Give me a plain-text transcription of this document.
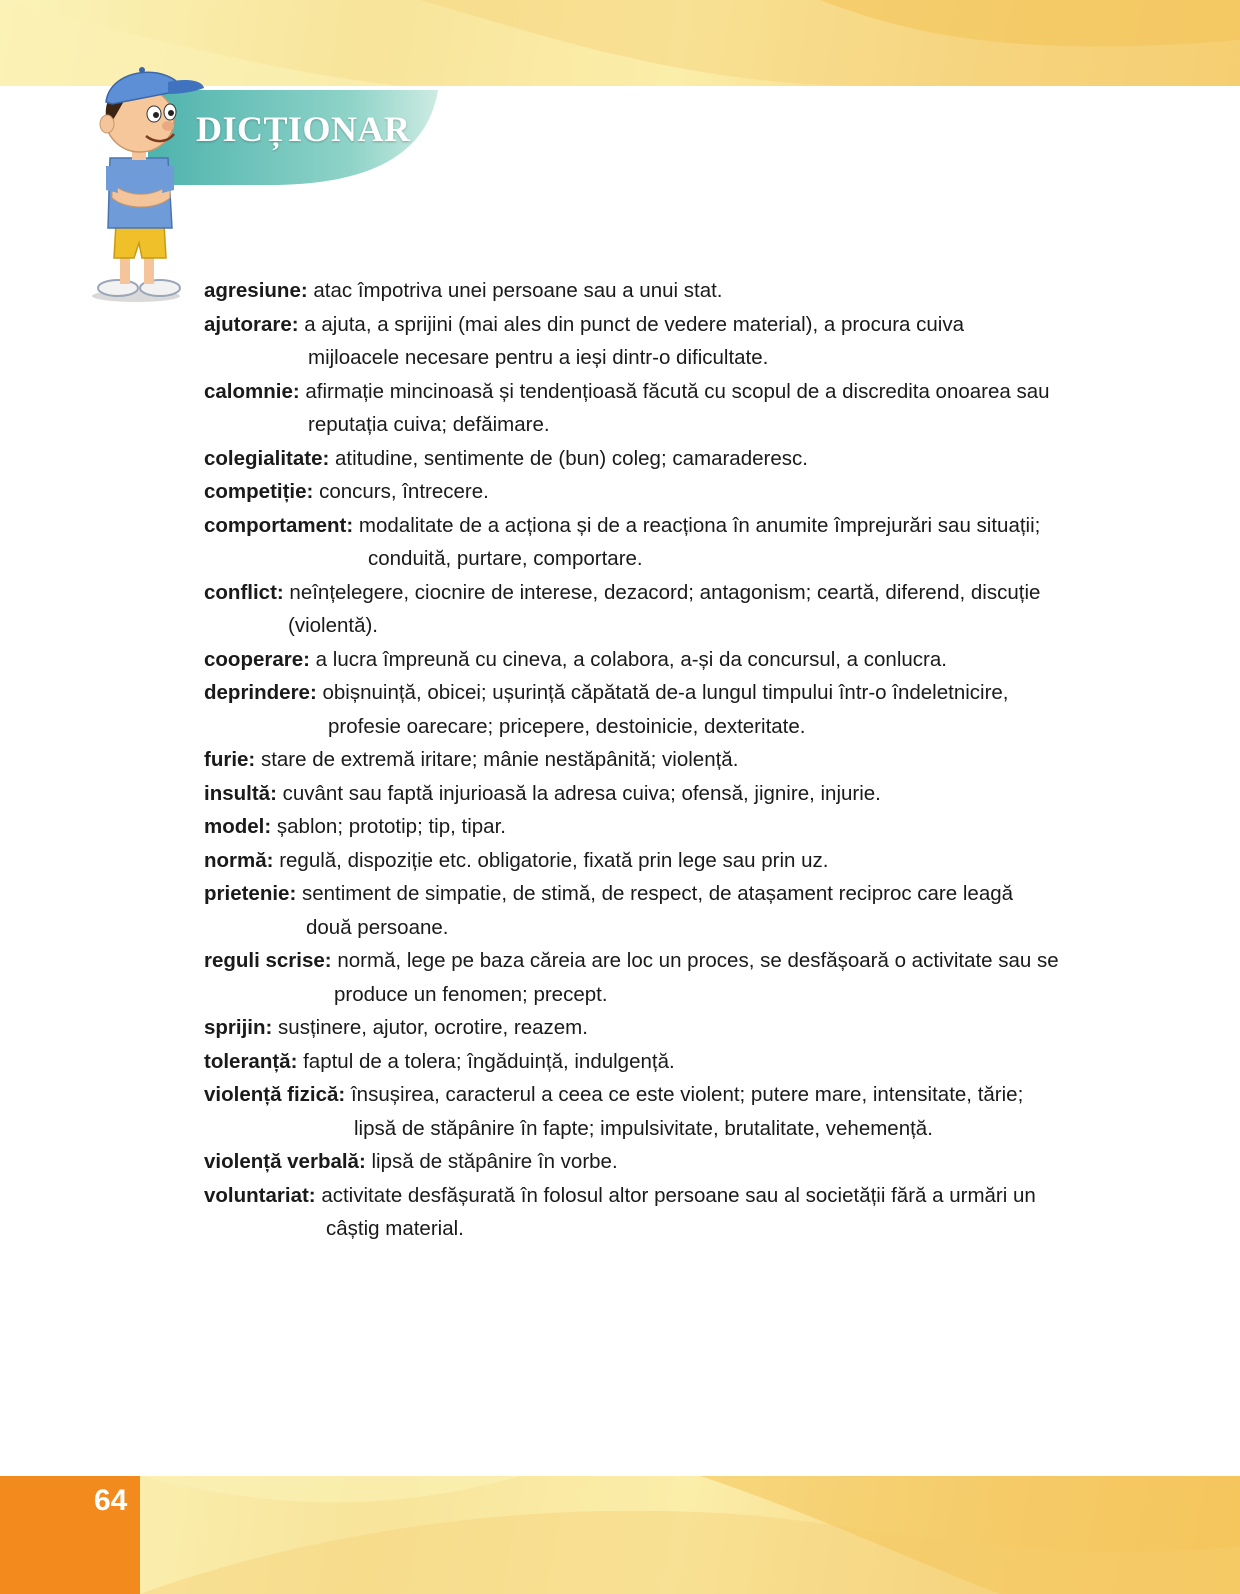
64
DICȚIONAR

agresiune: atac împotriva unei persoane sau a unui stat.

ajutorare: a ajuta, a sprijini (mai ales din punct de vedere material), a procura cuiva
mijloacele necesare pentru a ieși dintr-o dificultate.

calomnie: afirmație mincinoasă și tendențioasă făcută cu scopul de a discredita onoarea sau
reputația cuiva; defăimare.

colegialitate: atitudine, sentimente de (bun) coleg; camaraderesc.

competiție: concurs, întrecere.

comportament: modalitate de a acționa și de a reacționa în anumite împrejurări sau situații;
conduită, purtare, comportare.

conflict: neînțelegere, ciocnire de interese, dezacord; antagonism; ceartă, diferend, discuție
(violentă).

cooperare: a lucra împreună cu cineva, a colabora, a-și da concursul, a conlucra.

deprindere: obișnuință, obicei; ușurință căpătată de-a lungul timpului într-o îndeletnicire,
profesie oarecare; pricepere, destoinicie, dexteritate.

furie: stare de extremă iritare; mânie nestăpânită; violență.

insultă: cuvânt sau faptă injurioasă la adresa cuiva; ofensă, jignire, injurie.

model: șablon; prototip; tip, tipar.

normă: regulă, dispoziție etc. obligatorie, fixată prin lege sau prin uz.

prietenie: sentiment de simpatie, de stimă, de respect, de atașament reciproc care leagă
două persoane.

reguli scrise: normă, lege pe baza căreia are loc un proces, se desfășoară o activitate sau se
produce un fenomen; precept.

sprijin: susținere, ajutor, ocrotire, reazem.

toleranță: faptul de a tolera; îngăduință, indulgență.

violență fizică: însușirea, caracterul a ceea ce este violent; putere mare, intensitate, tărie;
lipsă de stăpânire în fapte; impulsivitate, brutalitate, vehemență.

violență verbală: lipsă de stăpânire în vorbe.

voluntariat: activitate desfășurată în folosul altor persoane sau al societății fără a urmări un
câștig material.
